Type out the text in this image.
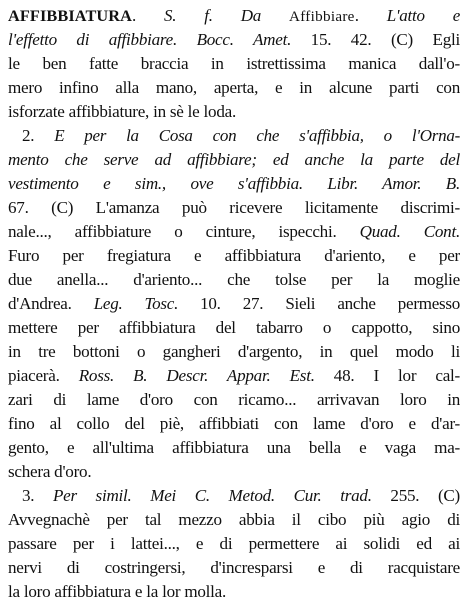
AFFIBBIATURA. S. f. Da Affibbiare. L'atto e
l'effetto di affibbiare. Bocc. Amet. 15. 42. (C) Egli
le ben fatte braccia in istrettissima manica dall'o-
mero infino alla mano, aperta, e in alcune parti con
isforzate affibbiature, in sè le loda.
2. E per la Cosa con che s'affibbia, o l'Orna-
mento che serve ad affibbiare; ed anche la parte del
vestimento e sim., ove s'affibbia. Libr. Amor. B.
67. (C) L'amanza può ricevere licitamente discrimi-
nale..., affibbiature o cinture, ispecchi. Quad. Cont.
Furo per fregiatura e affibbiatura d'ariento, e per
due anella... d'ariento... che tolse per la moglie
d'Andrea. Leg. Tosc. 10. 27. Sieli anche permesso
mettere per affibbiatura del tabarro o cappotto, sino
in tre bottoni o gangheri d'argento, in quel modo li
piacerà. Ross. B. Descr. Appar. Est. 48. I lor cal-
zari di lame d'oro con ricamo... arrivavan loro in
fino al collo del piè, affibbiati con lame d'oro e d'ar-
gento, e all'ultima affibbiatura una bella e vaga ma-
schera d'oro.
3. Per simil. Mei C. Metod. Cur. trad. 255. (C)
Avvegnachè per tal mezzo abbia il cibo più agio di
passare per i lattei..., e di permettere ai solidi ed ai
nervi di costringersi, d'incresparsi e di racquistare
la loro affibbiatura e la lor molla.
